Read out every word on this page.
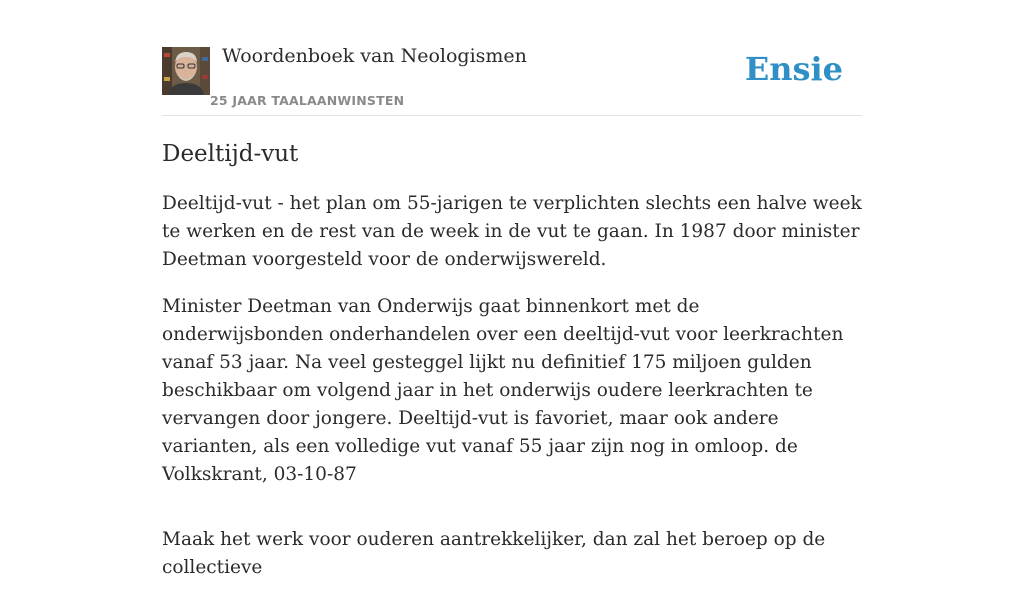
Woordenboek van Neologismen
25 JAAR TAALAANWINSTEN
Ensie
Deeltijd-vut

Deeltijd-vut - het plan om 55-jarigen te verplichten slechts een halve week te werken en de rest van de week in de vut te gaan. In 1987 door minister Deetman voorgesteld voor de onderwijswereld.

Minister Deetman van Onderwijs gaat binnenkort met de onderwijsbonden onderhandelen over een deeltijd-vut voor leerkrachten vanaf 53 jaar. Na veel gesteggel lijkt nu definitief 175 miljoen gulden beschikbaar om volgend jaar in het onderwijs oudere leerkrachten te vervangen door jongere. Deeltijd-vut is favoriet, maar ook andere varianten, als een volledige vut vanaf 55 jaar zijn nog in omloop. de Volkskrant, 03-10-87

Maak het werk voor ouderen aantrekkelijker, dan zal het beroep op de collectieve
